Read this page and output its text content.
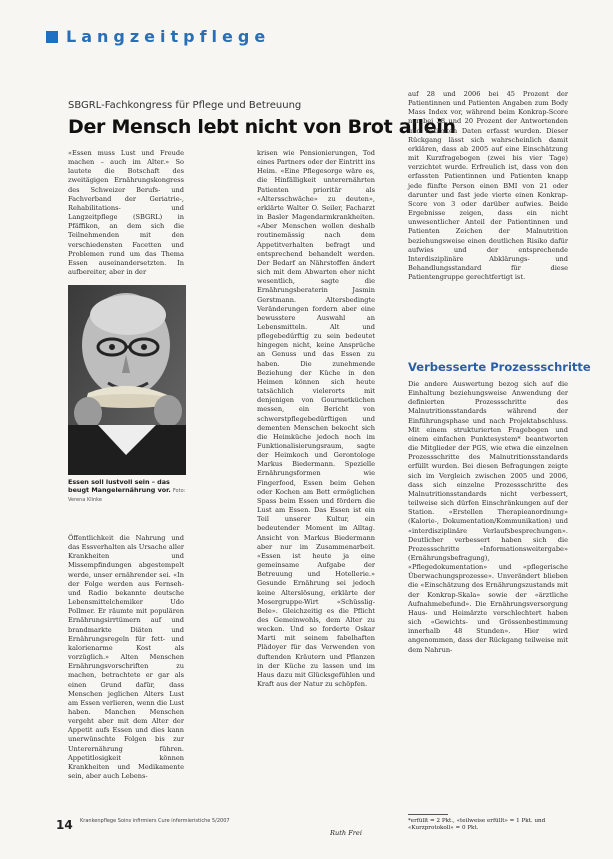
Langzeitpflege
SBGRL-Fachkongress für Pflege und Betreuung
Der Mensch lebt nicht von Brot allein

«Essen muss Lust und Freude machen – auch im Alter.» So lautete die Botschaft des zweitägigen Ernährungskongress des Schweizer Berufs- und Fachverband der Geriatrie-, Rehabilitations- und Langzeitpflege (SBGRL) in Pfäffikon, an dem sich die Teilnehmenden mit den verschiedensten Facetten und Problemen rund um das Thema Essen auseinandersetzten. In aufbereiter, aber in der

Essen soll lustvoll sein – das beugt Mangelernährung vor. Foto: Verena Klinke

Öffentlichkeit die Nahrung und das Essverhalten als Ursache aller Krankheiten und Missempfindungen abgestempelt werde, unser ernährender sei. «In der Folge werden aus Fernseh- und Radio bekannte deutsche Lebensmittelchemiker Udo Pollmer. Er räumte mit populären Ernährungsirrtümern auf und brandmarkte Diäten und Ernährungsregeln für fett- und kalorienarme Kost als vorzüglich.» Alten Menschen Ernährungsvorschriften zu machen, betrachtete er gar als einen Grund dafür, dass Menschen jeglichen Alters Lust am Essen verlieren, wenn die Lust haben. Manchen Menschen vergeht aber mit dem Alter der Appetit aufs Essen und dies kann unerwünschte Folgen bis zur Unterernährung führen. Appetitlosigkeit können Krankheiten und Medikamente sein, aber auch Lebens-

krisen wie Pensionierungen, Tod eines Partners oder der Eintritt ins Heim. «Eine Pflegesorge wäre es, die Hinfälligkeit unterernährten Patienten prioritär als «Altersschwäche» zu deuten», erklärte Walter O. Seiler, Facharzt in Basler Magendarmkrankheiten. «Aber Menschen wollen deshalb routinemässig nach dem Appetitverhalten befragt und entsprechend behandelt werden. Der Bedarf an Nährstoffen ändert sich mit dem Abwarten eher nicht wesentlich, sagte die Ernährungsberaterin Jasmin Gerstmann. Altersbedingte Veränderungen fordern aber eine bewusstere Auswahl an Lebensmitteln. Alt und pflegebedürftig zu sein bedeutet hingegen nicht, keine Ansprüche an Genuss und das Essen zu haben. Die zunehmende Beziehung der Küche in den Heimen können sich heute tatsächlich vielerorts mit denjenigen von Gourmetküchen messen, ein Bericht von schwerstpflegebedürftigen und dementen Menschen bekocht sich die Heimküche jedoch noch im Funktionalisierungsraum, sagte der Heimkoch und Gerontologe Markus Biedermann. Spezielle Ernährungsformen wie Fingerfood, Essen beim Gehen oder Kochen am Bett ermöglichen Spass beim Essen und fördern die Lust am Essen. Das Essen ist ein Teil unserer Kultur, ein bedeutender Moment im Alltag. Ansicht von Markus Biedermann aber nur im Zusammenarbeit. «Essen ist heute ja eine gemeinsame Aufgabe der Betreuung und Hotellerie.» Gesunde Ernährung sei jedoch keine Alterslösung, erklärte der Mosergruppe-Wirt «Schüsslig-Bele». Gleichzeitig es die Pflicht des Gemeinwohls, dem Alter zu wecken. Und so forderte Oskar Marti mit seinem fabelhaften Plädoyer für das Verwenden von duftenden Kräutern und Pflanzen in der Küche zu lassen und im Haus dazu mit Glücksgefühlen und Kraft aus der Natur zu schöpfen.

Ruth Frei

auf 28 und 2006 bei 45 Prozent der Patientinnen und Patienten Angaben zum Body Mass Index vor, während beim Konkrap-Score nur bei 28 und 20 Prozent der Antwortenden und Patienten Daten erfasst wurden. Dieser Rückgang lässt sich wahrscheinlich damit erklären, dass ab 2005 auf eine Einschätzung mit Kurzfragebogen (zwei bis vier Tage) verzichtet wurde. Erfreulich ist, dass von den erfassten Patientinnen und Patienten knapp jede fünfte Person einen BMI von 21 oder darunter und fast jede vierte einen Konkrap-Score von 3 oder darüber aufwies. Beide Ergebnisse zeigen, dass ein nicht unwesentlicher Anteil der Patientinnen und Patienten Zeichen der Malnutrition beziehungsweise einen deutlichen Risiko dafür aufwies und der entsprechende Interdisziplinäre Abklärungs- und Behandlungsstandard für diese Patientengruppe gerechtfertigt ist.

Verbesserte Prozessschritte

Die andere Auswertung bezog sich auf die Einhaltung beziehungsweise Anwendung der definierten Prozessschritte des Malnutritionsstandards während der Einführungsphase und nach Projektabschluss. Mit einem strukturierten Fragebogen und einem einfachen Punktesystem* beantworten die Mitglieder der PGS, wie etwa die einzelnen Prozessschritte des Malnutritionsstandards erfüllt wurden. Bei diesen Befragungen zeigte sich im Vergleich zwischen 2005 und 2006, dass sich einzelne Prozessschritte des Malnutritionsstandards nicht verbessert, teilweise sich dürfen Einschränkungen auf der Station. «Erstellen Therapieanordnung» (Kalorie-, Dokumentation/Kommunikation) und «interdisziplinäre Verlaufsbesprechungen». Deutlicher verbessert haben sich die Prozessschritte «Informationsweitergabe» (Ernährungsbefragung), «Pflegedokumentation» und «pflegerische Überwachungsprozesse». Unverändert blieben die «Einschätzung des Ernährungszustands mit der Konkrap-Skala» sowie der «ärztliche Aufnahmebefund». Die Ernährungsversorgung Haus- und Heimärzte verschlechtert haben sich «Gewichts- und Grössenbestimmung innerhalb 48 Stunden». Hier wird angenommen, dass der Rückgang teilweise mit dem Nahrun-

*erfüllt = 2 Pkt., «teilweise erfüllt» = 1 Pkt. und «Kurzprotokoll» = 0 Pkt.
14 Krankenpflege Soins infirmiers Cure infermieristiche 5/2007
